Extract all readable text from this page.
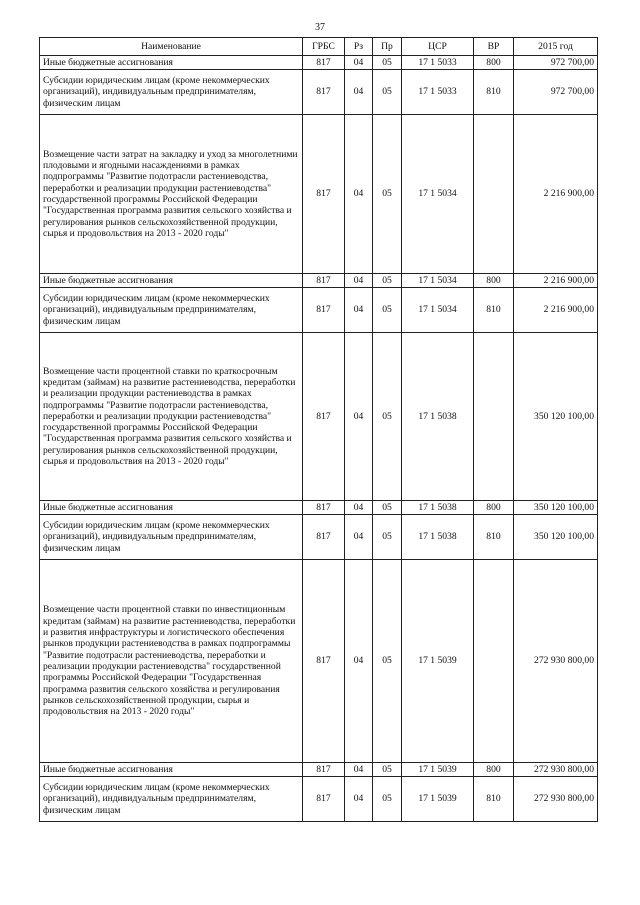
37
Наименование	ГРБС	Рз	Пр	ЦСР	ВР	2015 год
Иные бюджетные ассигнования	817	04	05	17 1 5033	800	972 700,00
Субсидии юридическим лицам (кроме некоммерческих организаций), индивидуальным предпринимателям, физическим лицам	817	04	05	17 1 5033	810	972 700,00
Возмещение части затрат на закладку и уход за многолетними плодовыми и ягодными насаждениями в рамках подпрограммы "Развитие подотрасли растениеводства, переработки и реализации продукции растениеводства" государственной программы Российской Федерации "Государственная программа развития сельского хозяйства и регулирования рынков сельскохозяйственной продукции, сырья и продовольствия на 2013 - 2020 годы"	817	04	05	17 1 5034		2 216 900,00
Иные бюджетные ассигнования	817	04	05	17 1 5034	800	2 216 900,00
Субсидии юридическим лицам (кроме некоммерческих организаций), индивидуальным предпринимателям, физическим лицам	817	04	05	17 1 5034	810	2 216 900,00
Возмещение части процентной ставки по краткосрочным кредитам (займам) на развитие растениеводства, переработки и реализации продукции растениеводства в рамках подпрограммы "Развитие подотрасли растениеводства, переработки и реализации продукции растениеводства" государственной программы Российской Федерации "Государственная программа развития сельского хозяйства и регулирования рынков сельскохозяйственной продукции, сырья и продовольствия на 2013 - 2020 годы"	817	04	05	17 1 5038		350 120 100,00
Иные бюджетные ассигнования	817	04	05	17 1 5038	800	350 120 100,00
Субсидии юридическим лицам (кроме некоммерческих организаций), индивидуальным предпринимателям, физическим лицам	817	04	05	17 1 5038	810	350 120 100,00
Возмещение части процентной ставки по инвестиционным кредитам (займам) на развитие растениеводства, переработки и развития инфраструктуры и логистического обеспечения рынков продукции растениеводства в рамках подпрограммы "Развитие подотрасли растениеводства, переработки и реализации продукции растениеводства" государственной программы Российской Федерации "Государственная программа развития сельского хозяйства и регулирования рынков сельскохозяйственной продукции, сырья и продовольствия на 2013 - 2020 годы"	817	04	05	17 1 5039		272 930 800,00
Иные бюджетные ассигнования	817	04	05	17 1 5039	800	272 930 800,00
Субсидии юридическим лицам (кроме некоммерческих организаций), индивидуальным предпринимателям, физическим лицам	817	04	05	17 1 5039	810	272 930 800,00
